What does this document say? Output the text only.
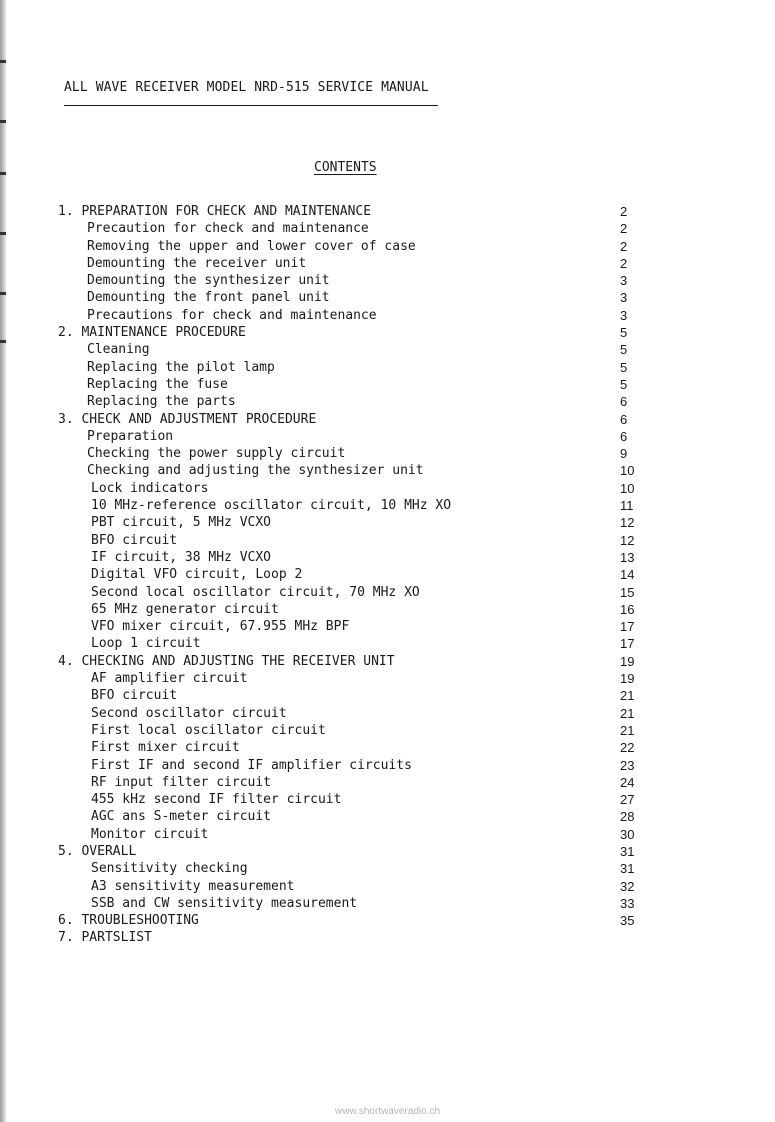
ALL WAVE RECEIVER MODEL NRD-515 SERVICE MANUAL
CONTENTS
1. PREPARATION FOR CHECK AND MAINTENANCE	2
Precaution for check and maintenance	2
Removing the upper and lower cover of case	2
Demounting the receiver unit	2
Demounting the synthesizer unit	3
Demounting the front panel unit	3
Precautions for check and maintenance	3
2. MAINTENANCE PROCEDURE	5
Cleaning	5
Replacing the pilot lamp	5
Replacing the fuse	5
Replacing the parts	6
3. CHECK AND ADJUSTMENT PROCEDURE	6
Preparation	6
Checking the power supply circuit	9
Checking and adjusting the synthesizer unit	10
Lock indicators	10
10 MHz-reference oscillator circuit, 10 MHz XO	11
PBT circuit, 5 MHz VCXO	12
BFO circuit	12
IF circuit, 38 MHz VCXO	13
Digital VFO circuit, Loop 2	14
Second local oscillator circuit, 70 MHz XO	15
65 MHz generator circuit	16
VFO mixer circuit, 67.955 MHz BPF	17
Loop 1 circuit	17
4. CHECKING AND ADJUSTING THE RECEIVER UNIT	19
AF amplifier circuit	19
BFO circuit	21
Second oscillator circuit	21
First local oscillator circuit	21
First mixer circuit	22
First IF and second IF amplifier circuits	23
RF input filter circuit	24
455 kHz second IF filter circuit	27
AGC ans S-meter circuit	28
Monitor circuit	30
5. OVERALL	31
Sensitivity checking	31
A3 sensitivity measurement	32
SSB and CW sensitivity measurement	33
6. TROUBLESHOOTING	35
7. PARTSLIST
www.shortwaveradio.ch
